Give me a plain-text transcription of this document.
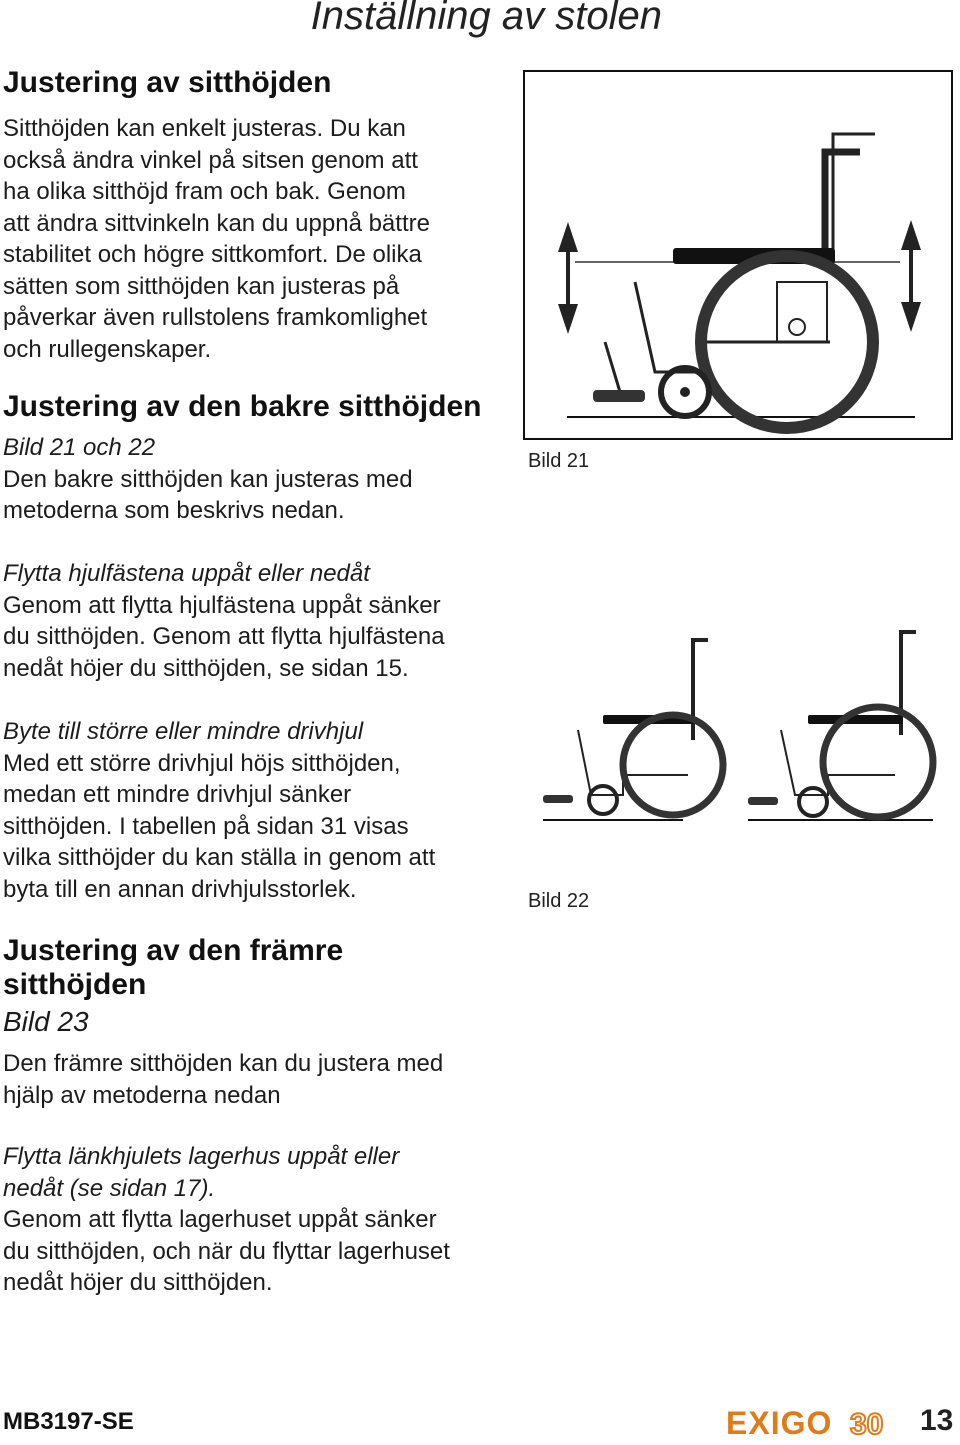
Inställning av stolen
Justering av sitthöjden

Sitthöjden kan enkelt justeras. Du kan

också ändra vinkel på sitsen genom att

ha olika sitthöjd fram och bak. Genom

att ändra sittvinkeln kan du uppnå bättre

stabilitet och högre sittkomfort. De olika

sätten som sitthöjden kan justeras på

påverkar även rullstolens framkomlighet

och rullegenskaper.

Justering av den bakre sitthöjden

Bild 21 och 22

Den bakre sitthöjden kan justeras med

metoderna som beskrivs nedan.

Flytta hjulfästena uppåt eller nedåt

Genom att flytta hjulfästena uppåt sänker

du sitthöjden. Genom att flytta hjulfästena

nedåt höjer du sitthöjden, se sidan 15.

Byte till större eller mindre drivhjul

Med ett större drivhjul höjs sitthöjden,

medan ett mindre drivhjul sänker

sitthöjden. I tabellen på sidan 31 visas

vilka sitthöjder du kan ställa in genom att

byta till en annan drivhjulsstorlek.

Justering av den främre
sitthöjden

Bild 23

Den främre sitthöjden kan du justera med

hjälp av metoderna nedan

Flytta länkhjulets lagerhus uppåt eller

nedåt (se sidan 17).

Genom att flytta lagerhuset uppåt sänker

du sitthöjden, och när du flyttar lagerhuset

nedåt höjer du sitthöjden.

Bild 21
Bild 22
MB3197-SE	EXIGO 30 13
